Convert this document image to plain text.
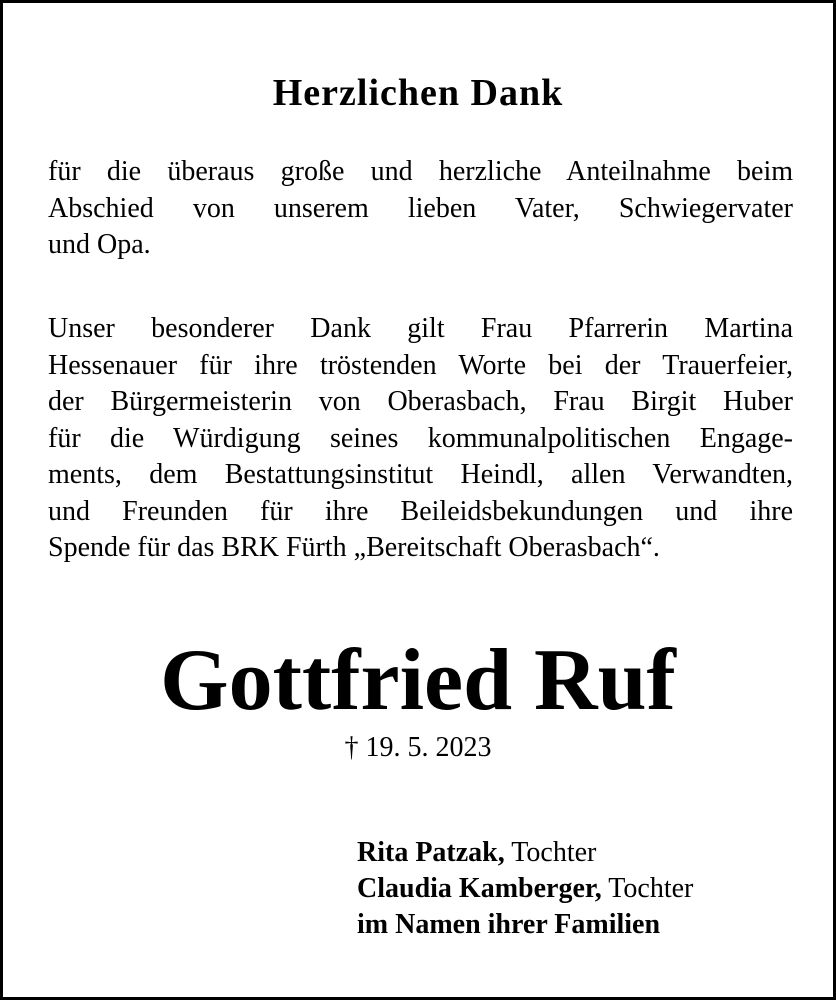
Herzlichen Dank
für die überaus große und herzliche Anteilnahme beim
Abschied von unserem lieben Vater, Schwiegervater
und Opa.
Unser besonderer Dank gilt Frau Pfarrerin Martina
Hessenauer für ihre tröstenden Worte bei der Trauerfeier,
der Bürgermeisterin von Oberasbach, Frau Birgit Huber
für die Würdigung seines kommunalpolitischen Engage-
ments, dem Bestattungsinstitut Heindl, allen Verwandten,
und Freunden für ihre Beileidsbekundungen und ihre
Spende für das BRK Fürth „Bereitschaft Oberasbach“.
Gottfried Ruf
† 19. 5. 2023
Rita Patzak, Tochter
Claudia Kamberger, Tochter
im Namen ihrer Familien
